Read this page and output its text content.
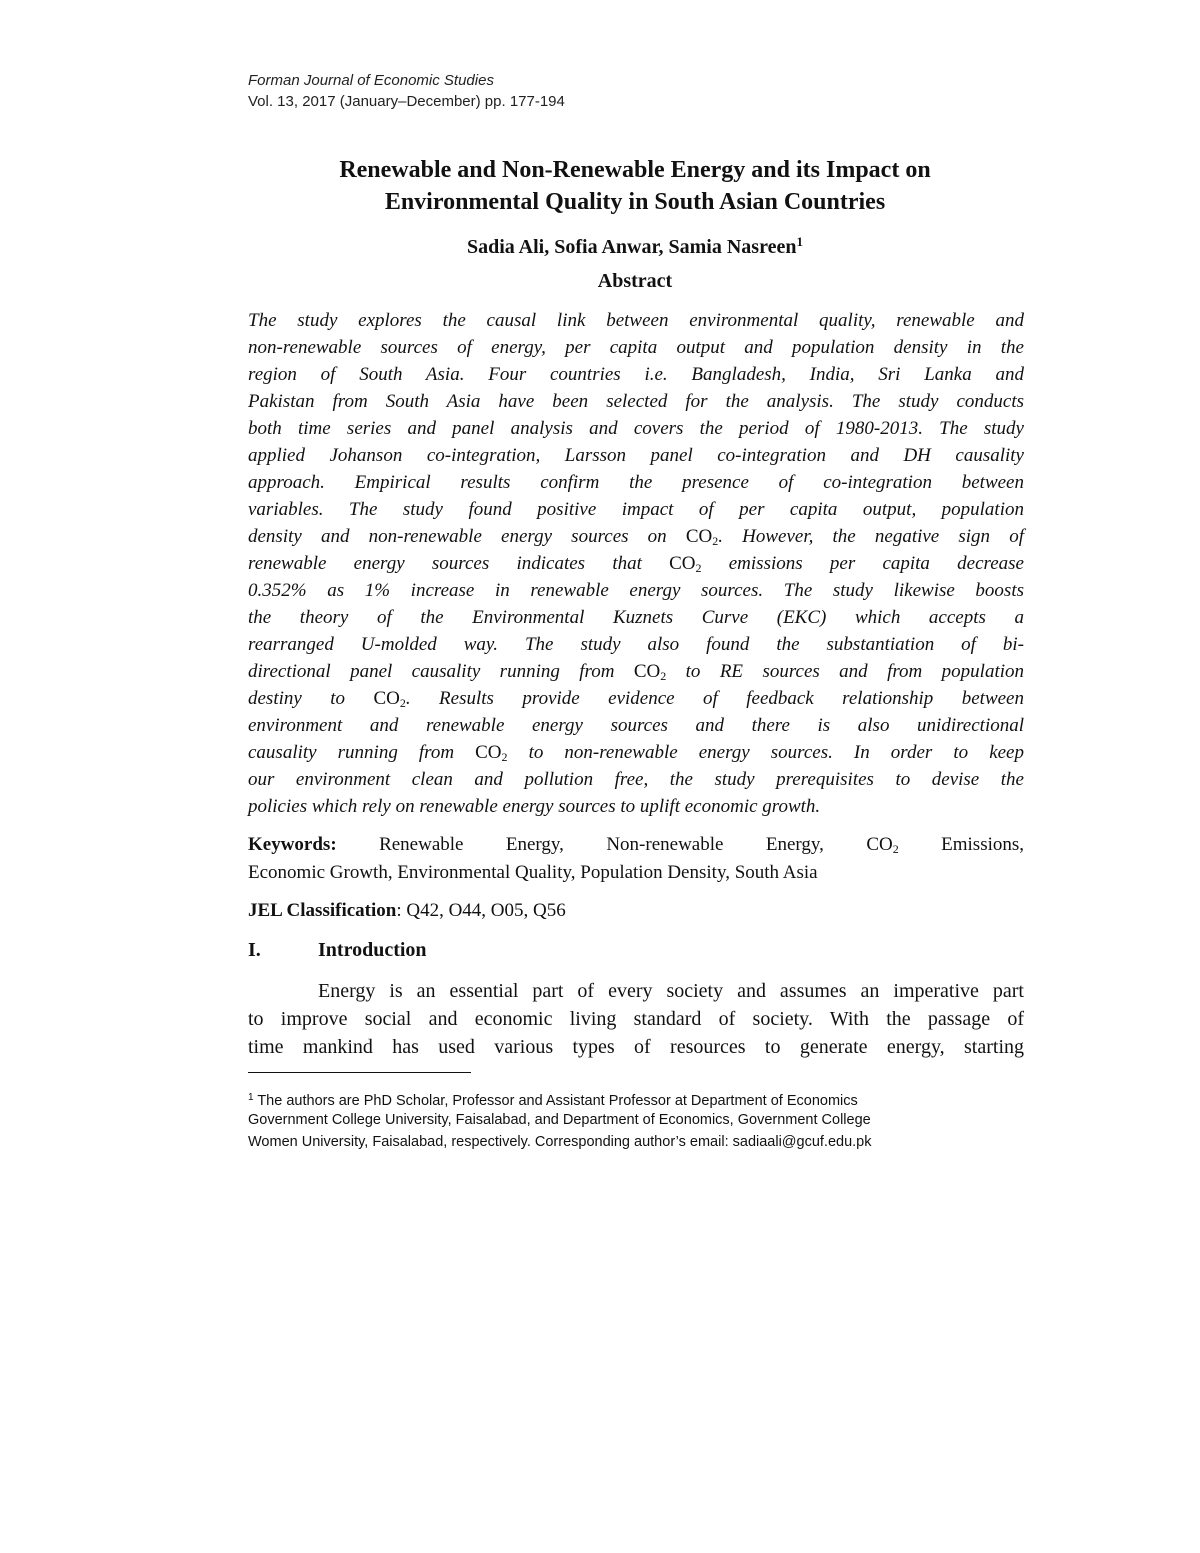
Forman Journal of Economic Studies
Vol. 13, 2017 (January–December) pp. 177-194
Renewable and Non-Renewable Energy and its Impact on
Environmental Quality in South Asian Countries
Sadia Ali, Sofia Anwar, Samia Nasreen$^1$
Abstract
The study explores the causal link between environmental quality, renewable and
non-renewable sources of energy, per capita output and population density in the
region of South Asia. Four countries i.e. Bangladesh, India, Sri Lanka and
Pakistan from South Asia have been selected for the analysis. The study conducts
both time series and panel analysis and covers the period of 1980-2013. The study
applied Johanson co-integration, Larsson panel co-integration and DH causality
approach. Empirical results confirm the presence of co-integration between
variables. The study found positive impact of per capita output, population
density and non-renewable energy sources on $CO_2$. However, the negative sign of
renewable energy sources indicates that $CO_2$ emissions per capita decrease
0.352% as 1% increase in renewable energy sources. The study likewise boosts
the theory of the Environmental Kuznets Curve (EKC) which accepts a
rearranged U-molded way. The study also found the substantiation of bi-
directional panel causality running from $CO_2$ to RE sources and from population
destiny to $CO_2$. Results provide evidence of feedback relationship between
environment and renewable energy sources and there is also unidirectional
causality running from $CO_2$ to non-renewable energy sources. In order to keep
our environment clean and pollution free, the study prerequisites to devise the
policies which rely on renewable energy sources to uplift economic growth.
Keywords: Renewable Energy, Non-renewable Energy, $CO_2$ Emissions,
Economic Growth, Environmental Quality, Population Density, South Asia
JEL Classification: Q42, O44, O05, Q56
I.	Introduction
Energy is an essential part of every society and assumes an imperative part
to improve social and economic living standard of society. With the passage of
time mankind has used various types of resources to generate energy, starting
$^1$ The authors are PhD Scholar, Professor and Assistant Professor at Department of Economics
Government College University, Faisalabad, and Department of Economics, Government College
Women University, Faisalabad, respectively. Corresponding author’s email: sadiaali@gcuf.edu.pk
